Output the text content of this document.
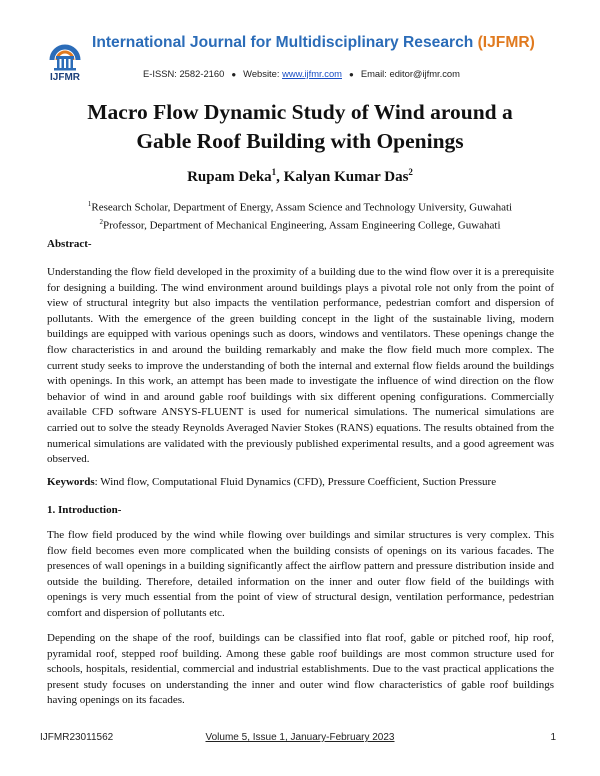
IJFMR
International Journal for Multidisciplinary Research (IJFMR)
E-ISSN: 2582-2160 ● Website: www.ijfmr.com ● Email: editor@ijfmr.com
Macro Flow Dynamic Study of Wind around a
Gable Roof Building with Openings
Rupam Deka$^1$, Kalyan Kumar Das$^2$
$^1$Research Scholar, Department of Energy, Assam Science and Technology University, Guwahati
$^2$Professor, Department of Mechanical Engineering, Assam Engineering College, Guwahati
Abstract-
Understanding the flow field developed in the proximity of a building due to the wind flow over it is a prerequisite for designing a building. The wind environment around buildings plays a pivotal role not only from the point of view of structural integrity but also impacts the ventilation performance, pedestrian comfort and dispersion of pollutants. With the emergence of the green building concept in the light of the sustainable living, modern buildings are equipped with various openings such as doors, windows and ventilators. These openings change the flow characteristics in and around the building remarkably and make the flow field much more complex. The current study seeks to improve the understanding of both the internal and external flow fields around the buildings with openings. In this work, an attempt has been made to investigate the influence of wind direction on the flow behavior of wind in and around gable roof buildings with six different opening configurations. Commercially available CFD software ANSYS-FLUENT is used for numerical simulations. The numerical simulations are carried out to solve the steady Reynolds Averaged Navier Stokes (RANS) equations. The results obtained from the numerical simulations are validated with the previously published experimental results, and a good agreement was observed.
Keywords: Wind flow, Computational Fluid Dynamics (CFD), Pressure Coefficient, Suction Pressure
1. Introduction-
The flow field produced by the wind while flowing over buildings and similar structures is very complex. This flow field becomes even more complicated when the building consists of openings on its various facades. The presences of wall openings in a building significantly affect the airflow pattern and pressure distribution inside and outside the building. Therefore, detailed information on the inner and outer flow field of the buildings with openings is very much essential from the point of view of structural design, ventilation performance, pedestrian comfort and dispersion of pollutants etc.
Depending on the shape of the roof, buildings can be classified into flat roof, gable or pitched roof, hip roof, pyramidal roof, stepped roof building. Among these gable roof buildings are most common structure used for schools, hospitals, residential, commercial and industrial establishments. Due to the vast practical applications the present study focuses on understanding the inner and outer wind flow characteristics of gable roof buildings having openings on its facades.
IJFMR23011562	Volume 5, Issue 1, January-February 2023	1
